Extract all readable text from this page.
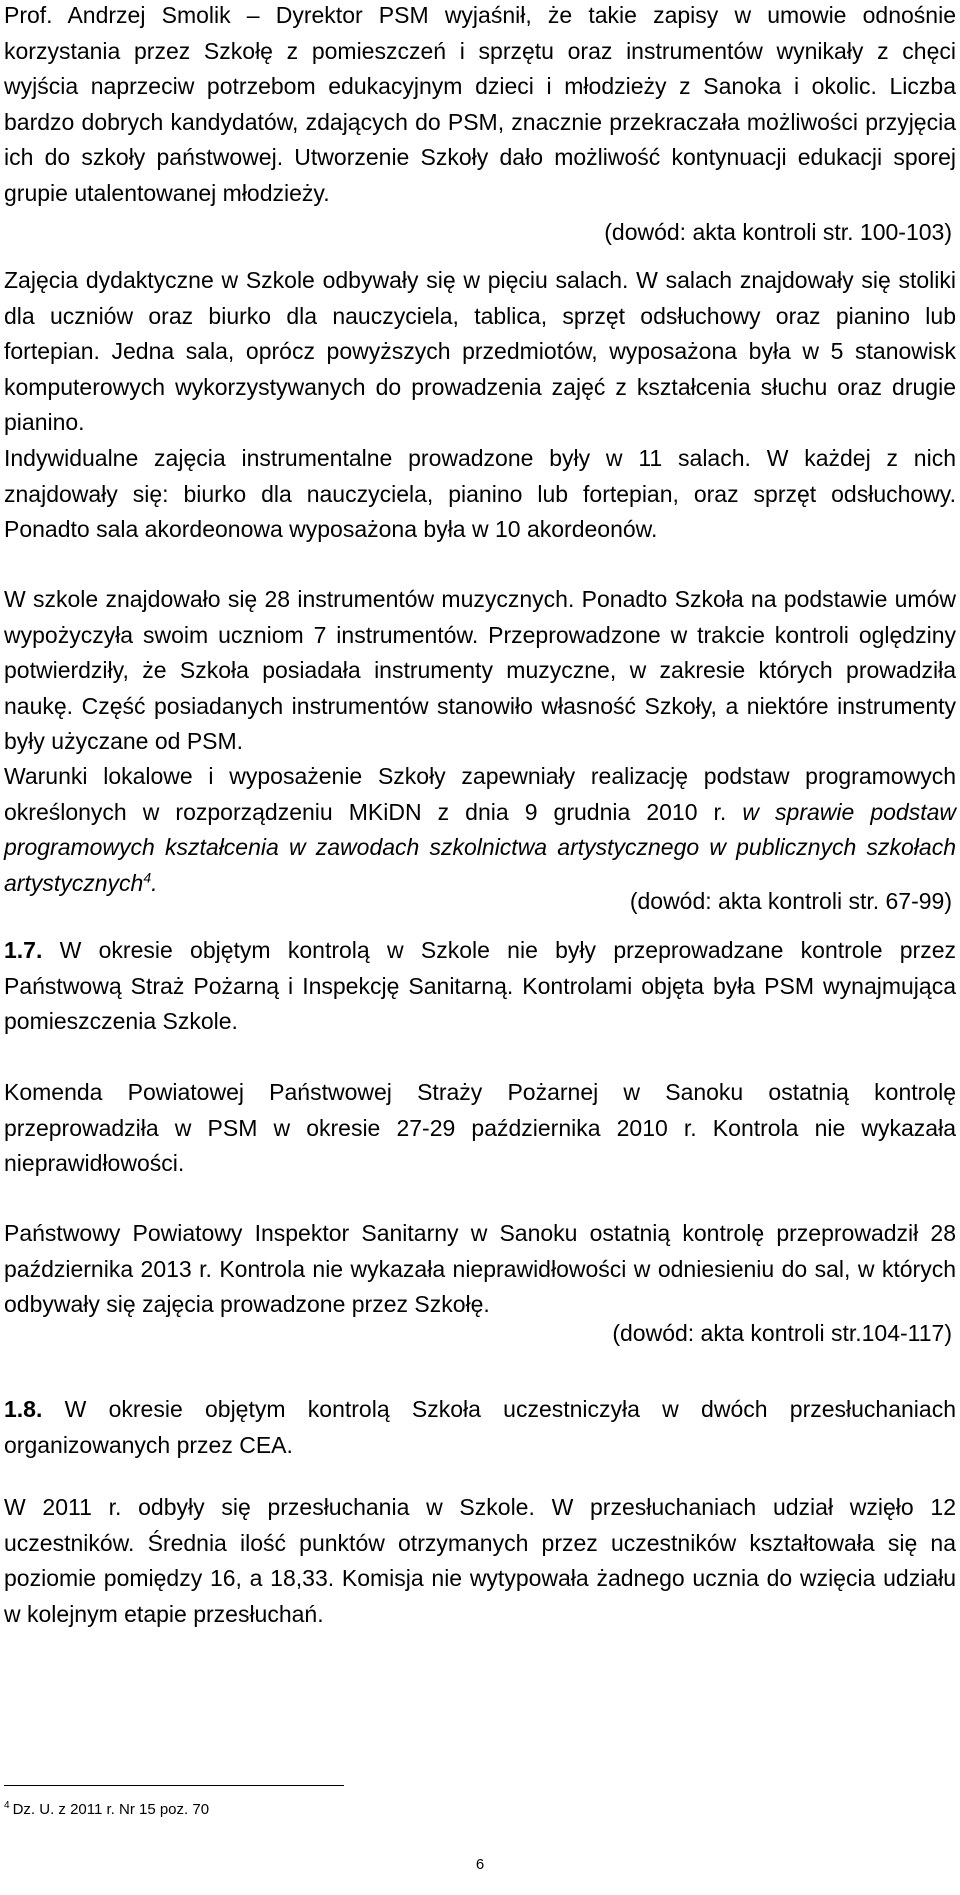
Prof. Andrzej Smolik – Dyrektor PSM wyjaśnił, że takie zapisy w umowie odnośnie korzystania przez Szkołę z pomieszczeń i sprzętu oraz instrumentów wynikały z chęci wyjścia naprzeciw potrzebom edukacyjnym dzieci i młodzieży z Sanoka i okolic. Liczba bardzo dobrych kandydatów, zdających do PSM, znacznie przekraczała możliwości przyjęcia ich do szkoły państwowej. Utworzenie Szkoły dało możliwość kontynuacji edukacji sporej grupie utalentowanej młodzieży.

(dowód: akta kontroli str. 100-103)

Zajęcia dydaktyczne w Szkole odbywały się w pięciu salach. W salach znajdowały się stoliki dla uczniów oraz biurko dla nauczyciela, tablica, sprzęt odsłuchowy oraz pianino lub fortepian. Jedna sala, oprócz powyższych przedmiotów, wyposażona była w 5 stanowisk komputerowych wykorzystywanych do prowadzenia zajęć z kształcenia słuchu oraz drugie pianino.

Indywidualne zajęcia instrumentalne prowadzone były w 11 salach. W każdej z nich znajdowały się: biurko dla nauczyciela, pianino lub fortepian, oraz sprzęt odsłuchowy. Ponadto sala akordeonowa wyposażona była w 10 akordeonów.

W szkole znajdowało się 28 instrumentów muzycznych. Ponadto Szkoła na podstawie umów wypożyczyła swoim uczniom 7 instrumentów. Przeprowadzone w trakcie kontroli oględziny potwierdziły, że Szkoła posiadała instrumenty muzyczne, w zakresie których prowadziła naukę. Część posiadanych instrumentów stanowiło własność Szkoły, a niektóre instrumenty były użyczane od PSM.

Warunki lokalowe i wyposażenie Szkoły zapewniały realizację podstaw programowych określonych w rozporządzeniu MKiDN z dnia 9 grudnia 2010 r. w sprawie podstaw programowych kształcenia w zawodach szkolnictwa artystycznego w publicznych szkołach artystycznych$^4$.

(dowód: akta kontroli str. 67-99)

1.7. W okresie objętym kontrolą w Szkole nie były przeprowadzane kontrole przez Państwową Straż Pożarną i Inspekcję Sanitarną. Kontrolami objęta była PSM wynajmująca pomieszczenia Szkole.

Komenda Powiatowej Państwowej Straży Pożarnej w Sanoku ostatnią kontrolę przeprowadziła w PSM w okresie 27-29 października 2010 r. Kontrola nie wykazała nieprawidłowości.

Państwowy Powiatowy Inspektor Sanitarny w Sanoku ostatnią kontrolę przeprowadził 28 października 2013 r. Kontrola nie wykazała nieprawidłowości w odniesieniu do sal, w których odbywały się zajęcia prowadzone przez Szkołę.

(dowód: akta kontroli str.104-117)

1.8. W okresie objętym kontrolą Szkoła uczestniczyła w dwóch przesłuchaniach organizowanych przez CEA.

W 2011 r. odbyły się przesłuchania w Szkole. W przesłuchaniach udział wzięło 12 uczestników. Średnia ilość punktów otrzymanych przez uczestników kształtowała się na poziomie pomiędzy 16, a 18,33. Komisja nie wytypowała żadnego ucznia do wzięcia udziału w kolejnym etapie przesłuchań.

$^4$ Dz. U. z 2011 r. Nr 15 poz. 70

6
